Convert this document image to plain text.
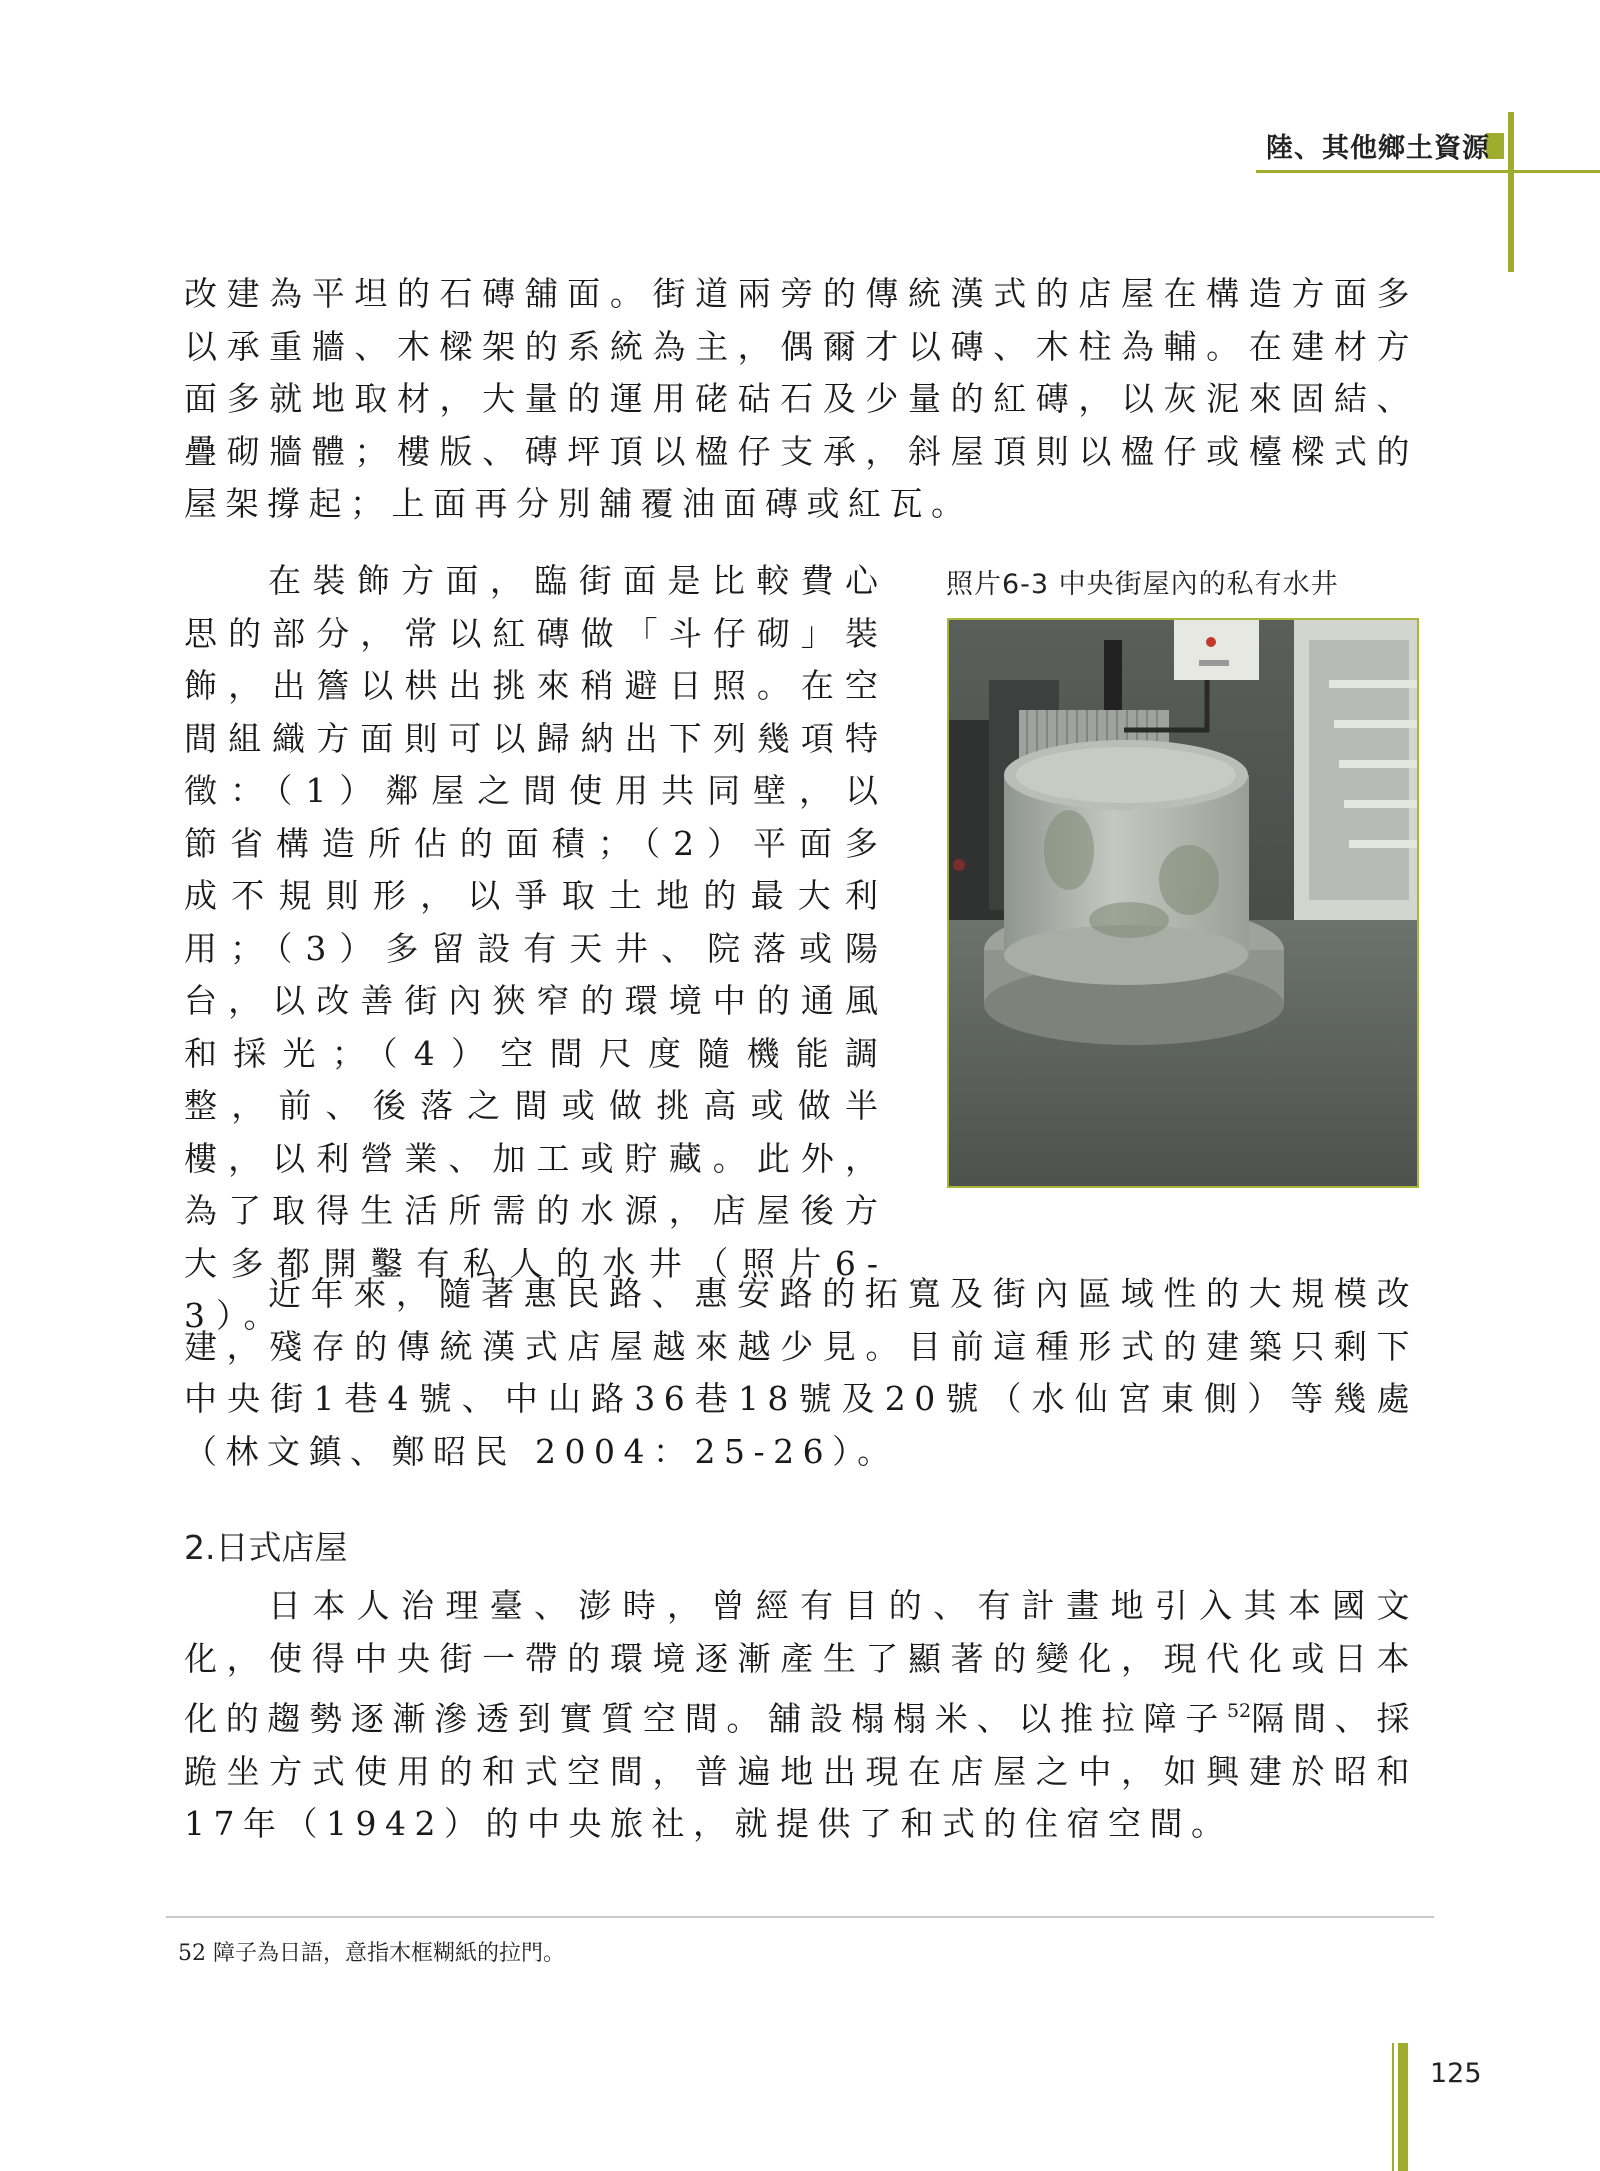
陸、其他鄉土資源

改建為平坦的石磚舖面。街道兩旁的傳統漢式的店屋在構造方面多以承重牆、木樑架的系統為主，偶爾才以磚、木柱為輔。在建材方面多就地取材，大量的運用硓𥑮石及少量的紅磚，以灰泥來固結、疊砌牆體；樓版、磚坪頂以楹仔支承，斜屋頂則以楹仔或檯樑式的屋架撐起；上面再分別舖覆油面磚或紅瓦。

在裝飾方面，臨街面是比較費心思的部分，常以紅磚做「斗仔砌」裝飾，出簷以栱出挑來稍避日照。在空間組織方面則可以歸納出下列幾項特徵：（1）鄰屋之間使用共同壁，以節省構造所佔的面積；（2）平面多成不規則形，以爭取土地的最大利用；（3）多留設有天井、院落或陽台，以改善街內狹窄的環境中的通風和採光；（4）空間尺度隨機能調整，前、後落之間或做挑高或做半樓，以利營業、加工或貯藏。此外，為了取得生活所需的水源，店屋後方大多都開鑿有私人的水井（照片6-3）。

照片6-3 中央街屋內的私有水井

近年來，隨著惠民路、惠安路的拓寬及街內區域性的大規模改建，殘存的傳統漢式店屋越來越少見。目前這種形式的建築只剩下中央街1巷4號、中山路36巷18號及20號（水仙宮東側）等幾處（林文鎮、鄭昭民 2004：25-26）。

2.日式店屋

日本人治理臺、澎時，曾經有目的、有計畫地引入其本國文化，使得中央街一帶的環境逐漸產生了顯著的變化，現代化或日本化的趨勢逐漸滲透到實質空間。舖設榻榻米、以推拉障子$^{52}$隔間、採跪坐方式使用的和式空間，普遍地出現在店屋之中，如興建於昭和17年（1942）的中央旅社，就提供了和式的住宿空間。

52 障子為日語，意指木框糊紙的拉門。
125
